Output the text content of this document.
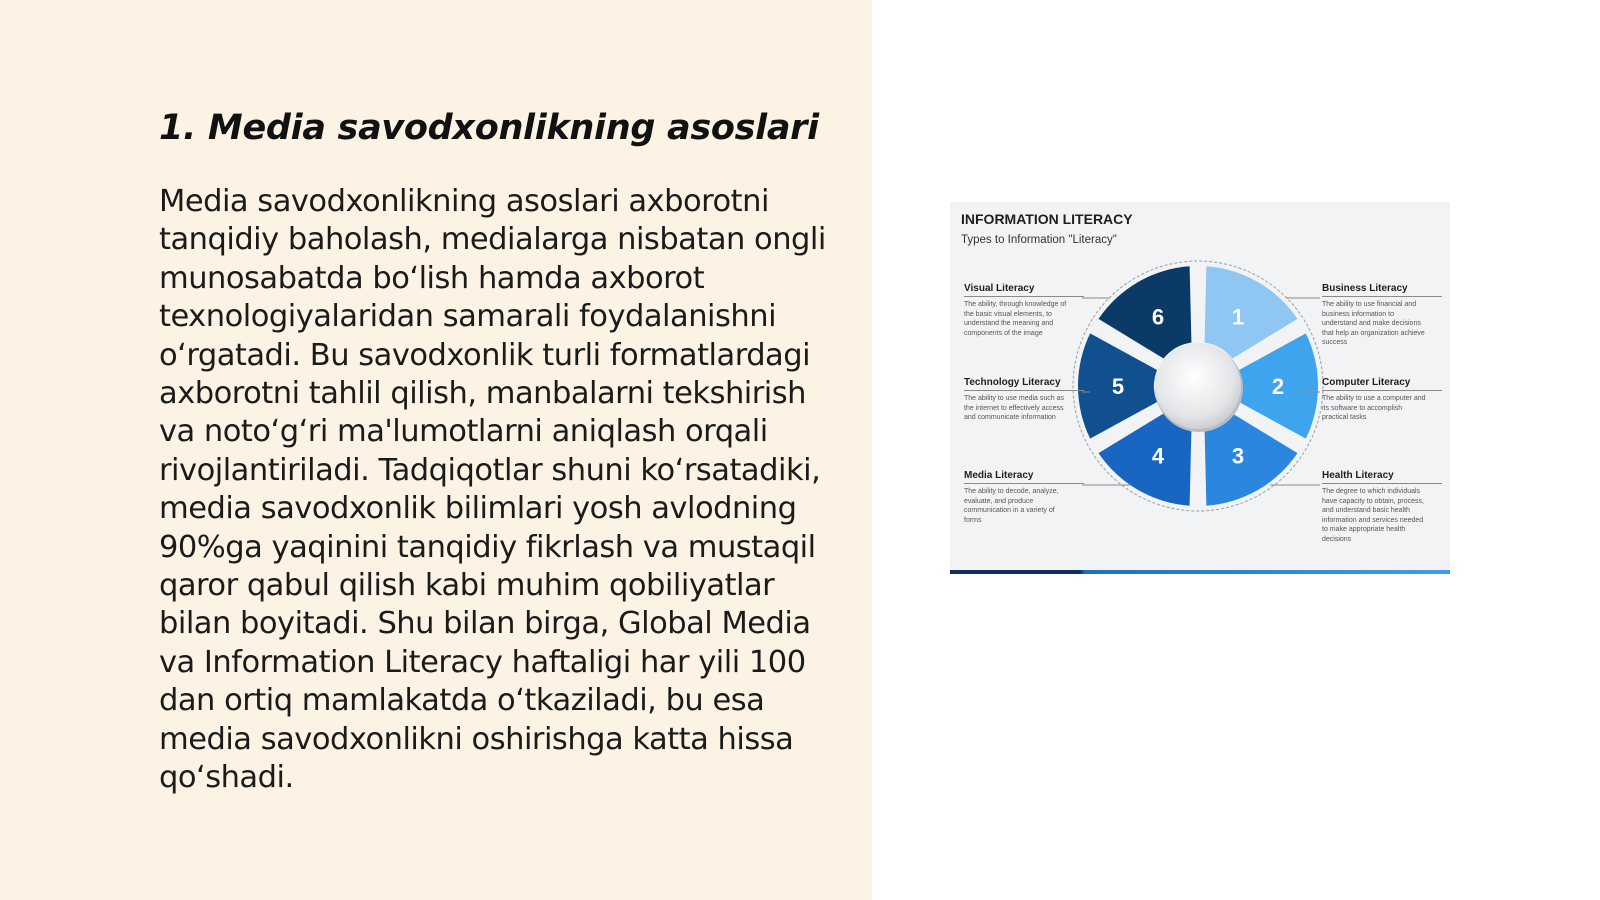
1. Media savodxonlikning asoslari
Media savodxonlikning asoslari axborotni
tanqidiy baholash, medialarga nisbatan ongli
munosabatda bo‘lish hamda axborot
texnologiyalaridan samarali foydalanishni
o‘rgatadi. Bu savodxonlik turli formatlardagi
axborotni tahlil qilish, manbalarni tekshirish
va noto‘g‘ri ma'lumotlarni aniqlash orqali
rivojlantiriladi. Tadqiqotlar shuni ko‘rsatadiki,
media savodxonlik bilimlari yosh avlodning
90%ga yaqinini tanqidiy fikrlash va mustaqil
qaror qabul qilish kabi muhim qobiliyatlar
bilan boyitadi. Shu bilan birga, Global Media
va Information Literacy haftaligi har yili 100
dan ortiq mamlakatda o‘tkaziladi, bu esa
media savodxonlikni oshirishga katta hissa
qo‘shadi.
INFORMATION LITERACY
Types to Information "Literacy"
1
2
3
4
5
6
Visual Literacy
The ability, through knowledge of the basic visual elements, to understand the meaning and components of the image
Technology Literacy
The ability to use media such as the internet to effectively access and communicate information
Media Literacy
The ability to decode, analyze, evaluate, and produce communication in a variety of forms
Business Literacy
The ability to use financial and business information to understand and make decisions that help an organization achieve success
Computer Literacy
The ability to use a computer and its software to accomplish practical tasks
Health Literacy
The degree to which individuals have capacity to obtain, process, and understand basic health information and services needed to make appropriate health decisions
